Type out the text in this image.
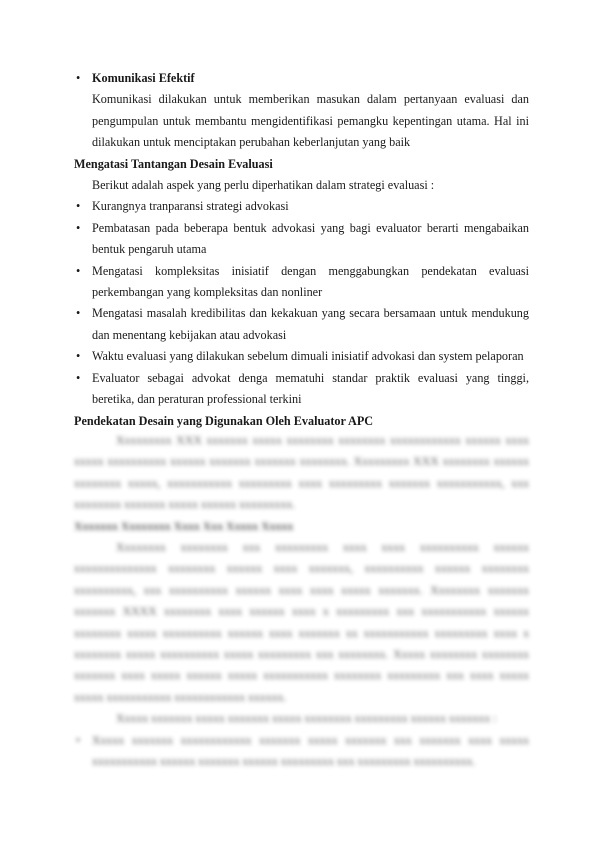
• Komunikasi Efektif
Komunikasi dilakukan untuk memberikan masukan dalam pertanyaan evaluasi dan pengumpulan untuk membantu mengidentifikasi pemangku kepentingan utama. Hal ini dilakukan untuk menciptakan perubahan keberlanjutan yang baik
Mengatasi Tantangan Desain Evaluasi
Berikut adalah aspek yang perlu diperhatikan dalam strategi evaluasi :
• Kurangnya tranparansi strategi advokasi
• Pembatasan pada beberapa bentuk advokasi yang bagi evaluator berarti mengabaikan bentuk pengaruh utama
• Mengatasi kompleksitas inisiatif dengan menggabungkan pendekatan evaluasi perkembangan yang kompleksitas dan nonliner
• Mengatasi masalah kredibilitas dan kekakuan yang secara bersamaan untuk mendukung dan menentang kebijakan atau advokasi
• Waktu evaluasi yang dilakukan sebelum dimuali inisiatif advokasi dan system pelaporan
• Evaluator sebagai advokat denga mematuhi standar praktik evaluasi yang tinggi, beretika, dan peraturan professional terkini
Pendekatan Desain yang Digunakan Oleh Evaluator APC
Xxxxxxxxx XXX xxxxxxx xxxxx xxxxxxxx xxxxxxxx xxxxxxxxxxxx xxxxxx xxxx xxxxx xxxxxxxxxx xxxxxx xxxxxxx xxxxxxx xxxxxxxx. Xxxxxxxxx XXX xxxxxxxx xxxxxx xxxxxxxx xxxxx, xxxxxxxxxxx xxxxxxxxx xxxx xxxxxxxxx xxxxxxx xxxxxxxxxxx, xxx xxxxxxxx xxxxxxx xxxxx xxxxxx xxxxxxxxx.
Xxxxxxx Xxxxxxxx Xxxx Xxx Xxxxx Xxxxx
Xxxxxxxx xxxxxxxx xxx xxxxxxxxx xxxx xxxx xxxxxxxxxx xxxxxx xxxxxxxxxxxxxx xxxxxxxx xxxxxx xxxx xxxxxxx, xxxxxxxxxx xxxxxx xxxxxxxx xxxxxxxxxx, xxx xxxxxxxxxx xxxxxx xxxx xxxx xxxxx xxxxxxx. Xxxxxxxx xxxxxxx xxxxxxx XXXX xxxxxxxx xxxx xxxxxx xxxx x xxxxxxxxx xxx xxxxxxxxxxx xxxxxx xxxxxxxx xxxxx xxxxxxxxxx xxxxxx xxxx xxxxxxx xx xxxxxxxxxxx xxxxxxxxx xxxx x xxxxxxxx xxxxx xxxxxxxxxx xxxxx xxxxxxxxx xxx xxxxxxxx. Xxxxx xxxxxxxx xxxxxxxx xxxxxxx xxxx xxxxx xxxxxx xxxxx xxxxxxxxxxx xxxxxxxx xxxxxxxxx xxx xxxx xxxxx xxxxx xxxxxxxxxxx xxxxxxxxxxxx xxxxxx.
Xxxxx xxxxxxx xxxxx xxxxxxx xxxxx xxxxxxxx xxxxxxxxx xxxxxx xxxxxxx :
•	Xxxxx xxxxxxx xxxxxxxxxxxx xxxxxxx xxxxx xxxxxxx xxx xxxxxxx xxxx xxxxx xxxxxxxxxxx xxxxxx xxxxxxx xxxxxx xxxxxxxxx xxx xxxxxxxxx xxxxxxxxxx.
